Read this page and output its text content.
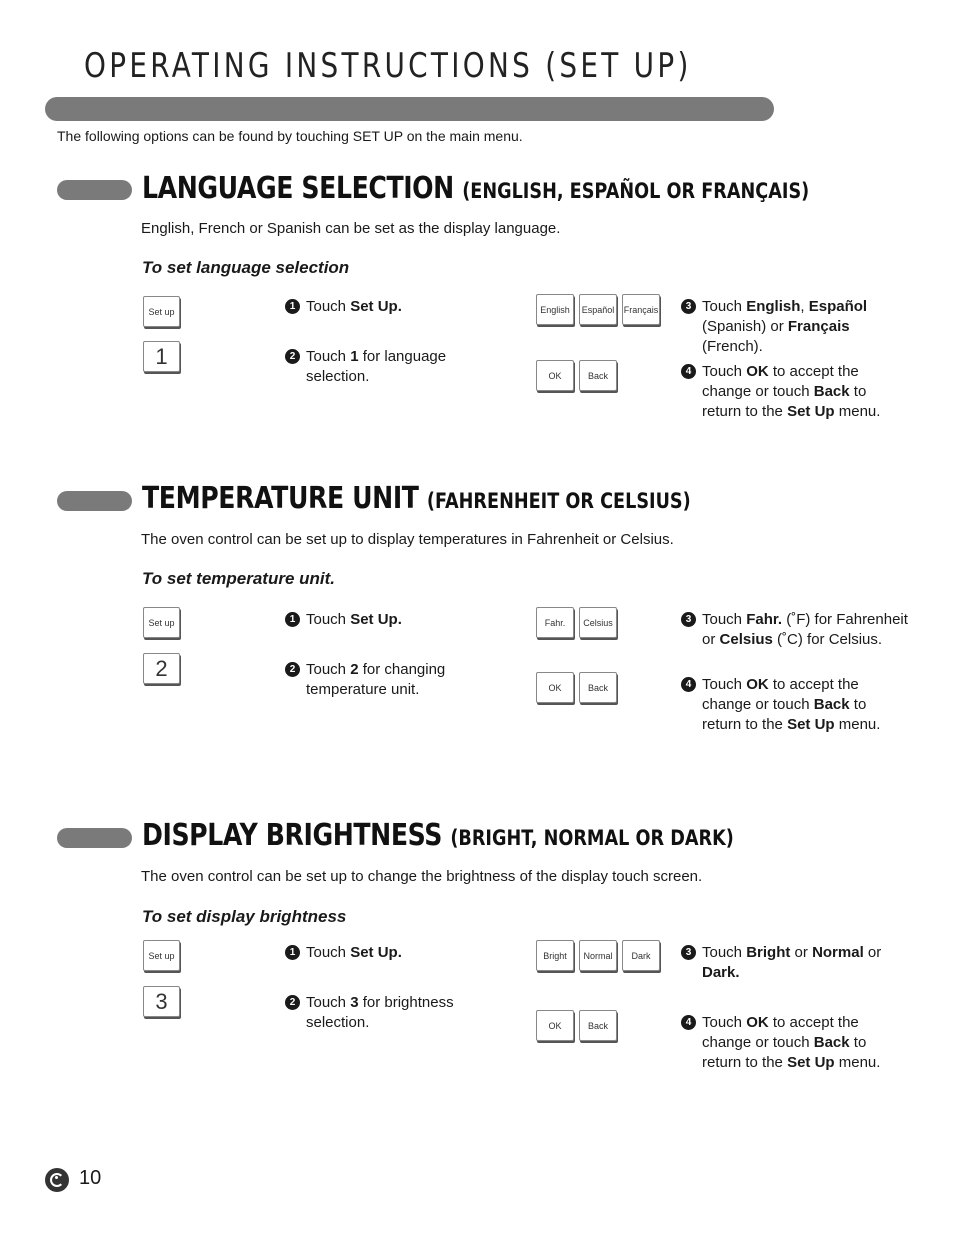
OPERATING INSTRUCTIONS (SET UP)
The following options can be found by touching SET UP on the main menu.
LANGUAGE SELECTION (ENGLISH, ESPAÑOL OR FRANÇAIS)
English, French or Spanish can be set as the display language.
To set language selection
Set up
1
1 Touch Set Up.
2 Touch 1 for language selection.
English	Español	Français
OK	Back
3 Touch English, Español (Spanish) or Français (French).
4 Touch OK to accept the change or touch Back to return to the Set Up menu.
TEMPERATURE UNIT (FAHRENHEIT OR CELSIUS)
The oven control can be set up to display temperatures in Fahrenheit or Celsius.
To set temperature unit.
Set up
2
1 Touch Set Up.
2 Touch 2 for changing temperature unit.
Fahr.	Celsius
OK	Back
3 Touch Fahr. (˚F) for Fahrenheit or Celsius (˚C) for Celsius.
4 Touch OK to accept the change or touch Back to return to the Set Up menu.
DISPLAY BRIGHTNESS (BRIGHT, NORMAL OR DARK)
The oven control can be set up to change the brightness of the display touch screen.
To set display brightness
Set up
3
1 Touch Set Up.
2 Touch 3 for brightness selection.
Bright	Normal	Dark
OK	Back
3 Touch Bright or Normal or Dark.
4 Touch OK to accept the change or touch Back to return to the Set Up menu.
10
